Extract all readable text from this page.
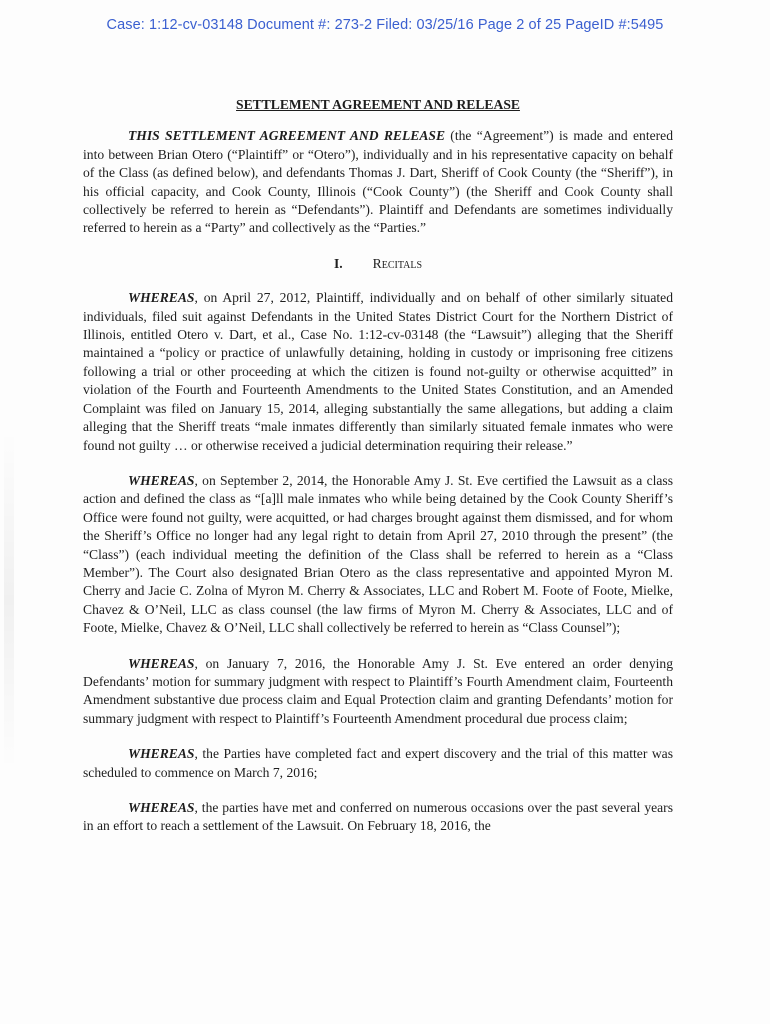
Case: 1:12-cv-03148 Document #: 273-2 Filed: 03/25/16 Page 2 of 25 PageID #:5495
SETTLEMENT AGREEMENT AND RELEASE

THIS SETTLEMENT AGREEMENT AND RELEASE (the “Agreement”) is made and entered into between Brian Otero (“Plaintiff” or “Otero”), individually and in his representative capacity on behalf of the Class (as defined below), and defendants Thomas J. Dart, Sheriff of Cook County (the “Sheriff”), in his official capacity, and Cook County, Illinois (“Cook County”) (the Sheriff and Cook County shall collectively be referred to herein as “Defendants”). Plaintiff and Defendants are sometimes individually referred to herein as a “Party” and collectively as the “Parties.”

I. Recitals

WHEREAS, on April 27, 2012, Plaintiff, individually and on behalf of other similarly situated individuals, filed suit against Defendants in the United States District Court for the Northern District of Illinois, entitled Otero v. Dart, et al., Case No. 1:12-cv-03148 (the “Lawsuit”) alleging that the Sheriff maintained a “policy or practice of unlawfully detaining, holding in custody or imprisoning free citizens following a trial or other proceeding at which the citizen is found not-guilty or otherwise acquitted” in violation of the Fourth and Fourteenth Amendments to the United States Constitution, and an Amended Complaint was filed on January 15, 2014, alleging substantially the same allegations, but adding a claim alleging that the Sheriff treats “male inmates differently than similarly situated female inmates who were found not guilty … or otherwise received a judicial determination requiring their release.”

WHEREAS, on September 2, 2014, the Honorable Amy J. St. Eve certified the Lawsuit as a class action and defined the class as “[a]ll male inmates who while being detained by the Cook County Sheriff’s Office were found not guilty, were acquitted, or had charges brought against them dismissed, and for whom the Sheriff’s Office no longer had any legal right to detain from April 27, 2010 through the present” (the “Class”) (each individual meeting the definition of the Class shall be referred to herein as a “Class Member”). The Court also designated Brian Otero as the class representative and appointed Myron M. Cherry and Jacie C. Zolna of Myron M. Cherry & Associates, LLC and Robert M. Foote of Foote, Mielke, Chavez & O’Neil, LLC as class counsel (the law firms of Myron M. Cherry & Associates, LLC and of Foote, Mielke, Chavez & O’Neil, LLC shall collectively be referred to herein as “Class Counsel”);

WHEREAS, on January 7, 2016, the Honorable Amy J. St. Eve entered an order denying Defendants’ motion for summary judgment with respect to Plaintiff’s Fourth Amendment claim, Fourteenth Amendment substantive due process claim and Equal Protection claim and granting Defendants’ motion for summary judgment with respect to Plaintiff’s Fourteenth Amendment procedural due process claim;

WHEREAS, the Parties have completed fact and expert discovery and the trial of this matter was scheduled to commence on March 7, 2016;

WHEREAS, the parties have met and conferred on numerous occasions over the past several years in an effort to reach a settlement of the Lawsuit. On February 18, 2016, the
